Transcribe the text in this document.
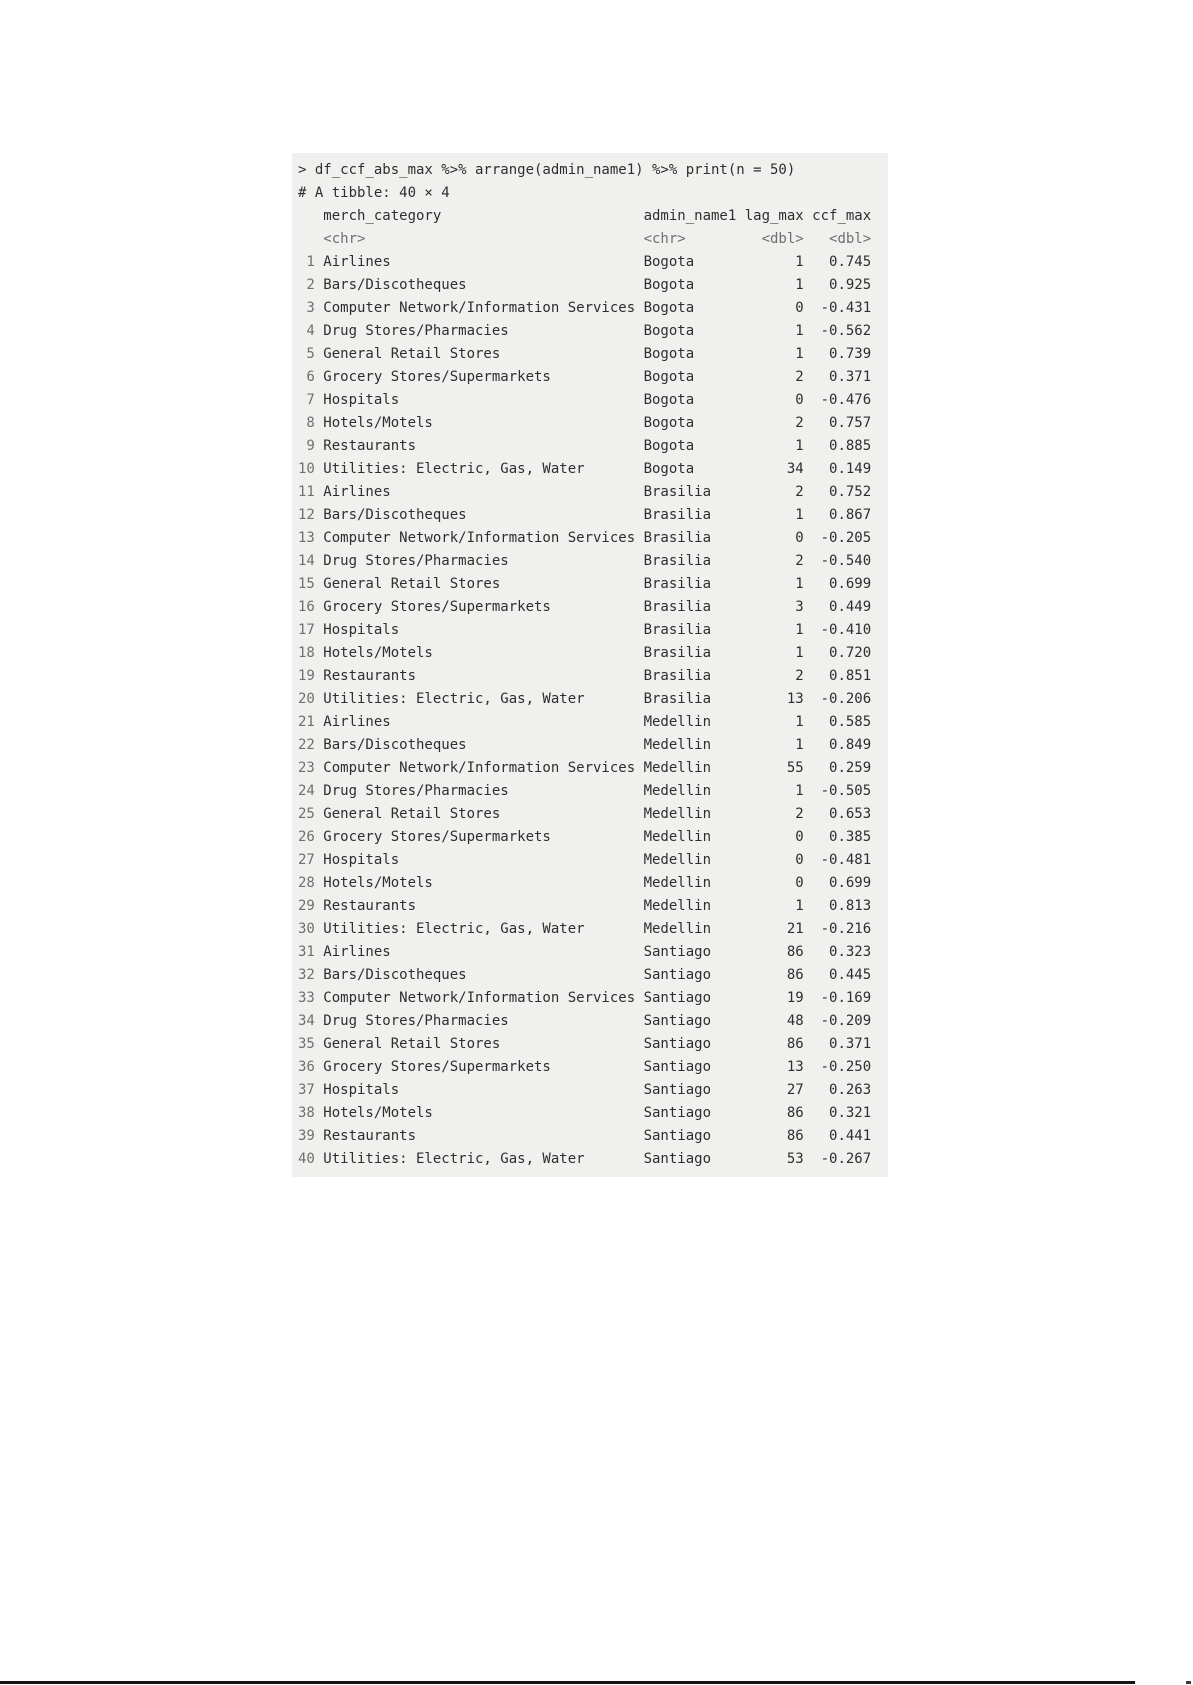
> df_ccf_abs_max %>% arrange(admin_name1) %>% print(n = 50)
# A tibble: 40 × 4
merch_category                        admin_name1 lag_max ccf_max
<chr>                                 <chr>         <dbl>   <dbl>
1 Airlines                              Bogota            1   0.745
2 Bars/Discotheques                     Bogota            1   0.925
3 Computer Network/Information Services Bogota            0  -0.431
4 Drug Stores/Pharmacies                Bogota            1  -0.562
5 General Retail Stores                 Bogota            1   0.739
6 Grocery Stores/Supermarkets           Bogota            2   0.371
7 Hospitals                             Bogota            0  -0.476
8 Hotels/Motels                         Bogota            2   0.757
9 Restaurants                           Bogota            1   0.885
10 Utilities: Electric, Gas, Water       Bogota           34   0.149
11 Airlines                              Brasilia          2   0.752
12 Bars/Discotheques                     Brasilia          1   0.867
13 Computer Network/Information Services Brasilia          0  -0.205
14 Drug Stores/Pharmacies                Brasilia          2  -0.540
15 General Retail Stores                 Brasilia          1   0.699
16 Grocery Stores/Supermarkets           Brasilia          3   0.449
17 Hospitals                             Brasilia          1  -0.410
18 Hotels/Motels                         Brasilia          1   0.720
19 Restaurants                           Brasilia          2   0.851
20 Utilities: Electric, Gas, Water       Brasilia         13  -0.206
21 Airlines                              Medellin          1   0.585
22 Bars/Discotheques                     Medellin          1   0.849
23 Computer Network/Information Services Medellin         55   0.259
24 Drug Stores/Pharmacies                Medellin          1  -0.505
25 General Retail Stores                 Medellin          2   0.653
26 Grocery Stores/Supermarkets           Medellin          0   0.385
27 Hospitals                             Medellin          0  -0.481
28 Hotels/Motels                         Medellin          0   0.699
29 Restaurants                           Medellin          1   0.813
30 Utilities: Electric, Gas, Water       Medellin         21  -0.216
31 Airlines                              Santiago         86   0.323
32 Bars/Discotheques                     Santiago         86   0.445
33 Computer Network/Information Services Santiago         19  -0.169
34 Drug Stores/Pharmacies                Santiago         48  -0.209
35 General Retail Stores                 Santiago         86   0.371
36 Grocery Stores/Supermarkets           Santiago         13  -0.250
37 Hospitals                             Santiago         27   0.263
38 Hotels/Motels                         Santiago         86   0.321
39 Restaurants                           Santiago         86   0.441
40 Utilities: Electric, Gas, Water       Santiago         53  -0.267
